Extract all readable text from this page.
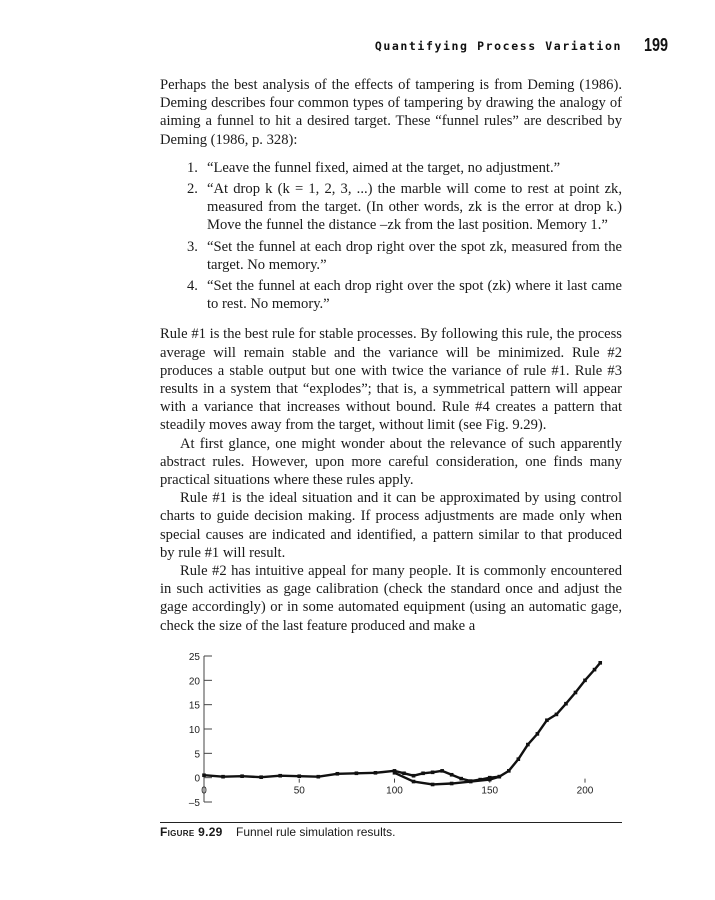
Quantifying Process Variation 199

Perhaps the best analysis of the effects of tampering is from Deming (1986). Deming describes four common types of tampering by drawing the analogy of aiming a funnel to hit a desired target. These “funnel rules” are described by Deming (1986, p. 328):

1. “Leave the funnel fixed, aimed at the target, no adjustment.”
2. “At drop k (k = 1, 2, 3, ...) the marble will come to rest at point zk, measured from the target. (In other words, zk is the error at drop k.) Move the funnel the distance –zk from the last position. Memory 1.”
3. “Set the funnel at each drop right over the spot zk, measured from the target. No memory.”
4. “Set the funnel at each drop right over the spot (zk) where it last came to rest. No memory.”

Rule #1 is the best rule for stable processes. By following this rule, the process average will remain stable and the variance will be minimized. Rule #2 produces a stable output but one with twice the variance of rule #1. Rule #3 results in a system that “explodes”; that is, a symmetrical pattern will appear with a variance that increases without bound. Rule #4 creates a pattern that steadily moves away from the target, without limit (see Fig. 9.29).

At first glance, one might wonder about the relevance of such apparently abstract rules. However, upon more careful consideration, one finds many practical situations where these rules apply.

Rule #1 is the ideal situation and it can be approximated by using control charts to guide decision making. If process adjustments are made only when special causes are indicated and identified, a pattern similar to that produced by rule #1 will result.

Rule #2 has intuitive appeal for many people. It is commonly encountered in such activities as gage calibration (check the standard once and adjust the gage accordingly) or in some automated equipment (using an automatic gage, check the size of the last feature produced and make a

25
20
15
10
5
0
–5
0	50	100	150	200
Figure 9.29 Funnel rule simulation results.
